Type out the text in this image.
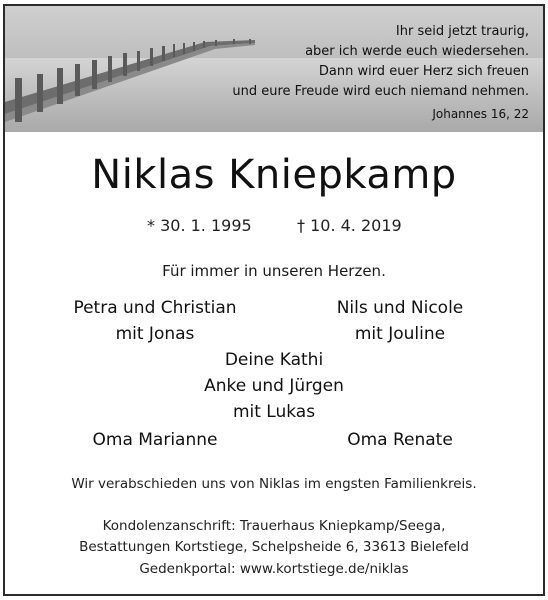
Ihr seid jetzt traurig,
aber ich werde euch wiedersehen.
Dann wird euer Herz sich freuen
und eure Freude wird euch niemand nehmen.
Johannes 16, 22
Niklas Kniepkamp
* 30. 1. 1995	† 10. 4. 2019
Für immer in unseren Herzen.
Petra und Christian
mit Jonas
Nils und Nicole
mit Jouline
Deine Kathi
Anke und Jürgen
mit Lukas
Oma Marianne	Oma Renate
Wir verabschieden uns von Niklas im engsten Familienkreis.
Kondolenzanschrift: Trauerhaus Kniepkamp/Seega,
Bestattungen Kortstiege, Schelpsheide 6, 33613 Bielefeld
Gedenkportal: www.kortstiege.de/niklas
